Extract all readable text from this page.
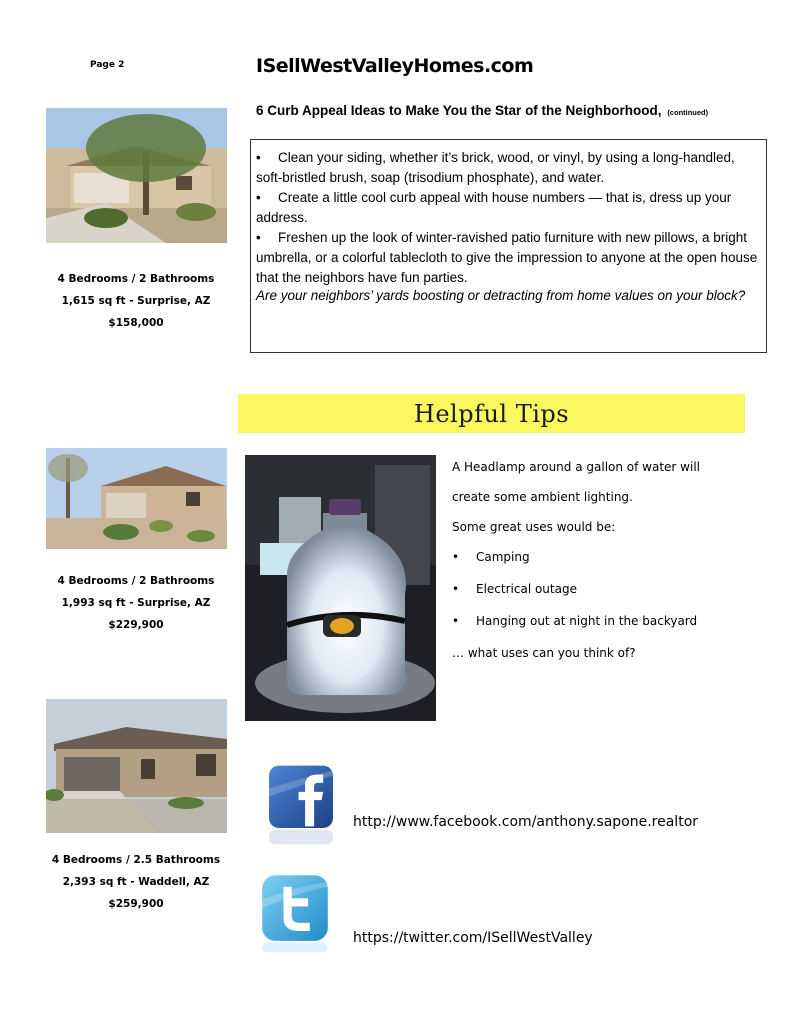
Page 2	ISellWestValleyHomes.com
6 Curb Appeal Ideas to Make You the Star of the Neighborhood, (continued)
• Clean your siding, whether it’s brick, wood, or vinyl, by using a long-handled, soft-bristled brush, soap (trisodium phosphate), and water.
• Create a little cool curb appeal with house numbers — that is, dress up your address.
• Freshen up the look of winter-ravished patio furniture with new pillows, a bright umbrella, or a colorful tablecloth to give the impression to anyone at the open house that the neighbors have fun parties.
Are your neighbors’ yards boosting or detracting from home values on your block?
4 Bedrooms / 2 Bathrooms
1,615 sq ft - Surprise, AZ
$158,000
4 Bedrooms / 2 Bathrooms
1,993 sq ft - Surprise, AZ
$229,900
4 Bedrooms / 2.5 Bathrooms
2,393 sq ft - Waddell, AZ
$259,900
Helpful Tips
A Headlamp around a gallon of water will
create some ambient lighting.
Some great uses would be:
•	Camping
•	Electrical outage
•	Hanging out at night in the backyard
… what uses can you think of?
http://www.facebook.com/anthony.sapone.realtor
https://twitter.com/ISellWestValley
